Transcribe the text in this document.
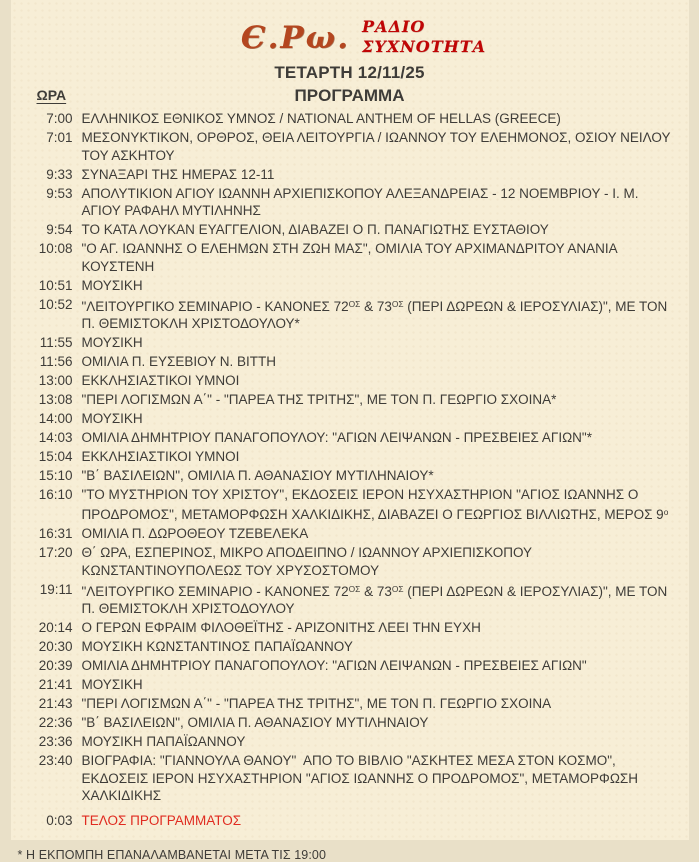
Є.Ρω. ΡΑΔΙΟ
ΣΥΧΝΟΤΗΤΑ
ΤΕΤΑΡΤΗ 12/11/25
ΩΡΑ	ΠΡΟΓΡΑΜΜΑ
7:00 ΕΛΛΗΝΙΚΟΣ ΕΘΝΙΚΟΣ ΥΜΝΟΣ / NATIONAL ANTHEM OF HELLAS (GREECE)
7:01 ΜΕΣΟΝΥΚΤΙΚΟΝ, ΟΡΘΡΟΣ, ΘΕΙΑ ΛΕΙΤΟΥΡΓΙΑ / ΙΩΑΝΝΟΥ ΤΟΥ ΕΛΕΗΜΟΝΟΣ, ΟΣΙΟΥ ΝΕΙΛΟΥ ΤΟΥ ΑΣΚΗΤΟΥ
9:33 ΣΥΝΑΞΑΡΙ ΤΗΣ ΗΜΕΡΑΣ 12-11
9:53 ΑΠΟΛΥΤΙΚΙΟΝ ΑΓΙΟΥ ΙΩΑΝΝΗ ΑΡΧΙΕΠΙΣΚΟΠΟΥ ΑΛΕΞΑΝΔΡΕΙΑΣ - 12 ΝΟΕΜΒΡΙΟΥ - Ι. Μ. ΑΓΙΟΥ ΡΑΦΑΗΛ ΜΥΤΙΛΗΝΗΣ
9:54 ΤΟ ΚΑΤΑ ΛΟΥΚΑΝ ΕΥΑΓΓΕΛΙΟΝ, ΔΙΑΒΑΖΕΙ Ο Π. ΠΑΝΑΓΙΩΤΗΣ ΕΥΣΤΑΘΙΟΥ
10:08 "Ο ΑΓ. ΙΩΑΝΝΗΣ Ο ΕΛΕΗΜΩΝ ΣΤΗ ΖΩΗ ΜΑΣ", ΟΜΙΛΙΑ ΤΟΥ ΑΡΧΙΜΑΝΔΡΙΤΟΥ ΑΝΑΝΙΑ ΚΟΥΣΤΕΝΗ
10:51 ΜΟΥΣΙΚΗ
10:52 "ΛΕΙΤΟΥΡΓΙΚΟ ΣΕΜΙΝΑΡΙΟ - ΚΑΝΟΝΕΣ $72^{O\Sigma}$ & $73^{O\Sigma}$ (ΠΕΡΙ ΔΩΡΕΩΝ & ΙΕΡΟΣΥΛΙΑΣ)", ΜΕ ΤΟΝ Π. ΘΕΜΙΣΤΟΚΛΗ ΧΡΙΣΤΟΔΟΥΛΟΥ*
11:55 ΜΟΥΣΙΚΗ
11:56 ΟΜΙΛΙΑ Π. ΕΥΣΕΒΙΟΥ Ν. ΒΙΤΤΗ
13:00 ΕΚΚΛΗΣΙΑΣΤΙΚΟΙ ΥΜΝΟΙ
13:08 "ΠΕΡΙ ΛΟΓΙΣΜΩΝ Α΄" - "ΠΑΡΕΑ ΤΗΣ ΤΡΙΤΗΣ", ΜΕ ΤΟΝ Π. ΓΕΩΡΓΙΟ ΣΧΟΙΝΑ*
14:00 ΜΟΥΣΙΚΗ
14:03 ΟΜΙΛΙΑ ΔΗΜΗΤΡΙΟΥ ΠΑΝΑΓΟΠΟΥΛΟΥ: "ΑΓΙΩΝ ΛΕΙΨΑΝΩΝ - ΠΡΕΣΒΕΙΕΣ ΑΓΙΩΝ"*
15:04 ΕΚΚΛΗΣΙΑΣΤΙΚΟΙ ΥΜΝΟΙ
15:10 "Β΄ ΒΑΣΙΛΕΙΩΝ", ΟΜΙΛΙΑ Π. ΑΘΑΝΑΣΙΟΥ ΜΥΤΙΛΗΝΑΙΟΥ*
16:10 "ΤΟ ΜΥΣΤΗΡΙΟΝ ΤΟΥ ΧΡΙΣΤΟΥ", ΕΚΔΟΣΕΙΣ ΙΕΡΟΝ ΗΣΥΧΑΣΤΗΡΙΟΝ "ΑΓΙΟΣ ΙΩΑΝΝΗΣ Ο ΠΡΟΔΡΟΜΟΣ", ΜΕΤΑΜΟΡΦΩΣΗ ΧΑΛΚΙΔΙΚΗΣ, ΔΙΑΒΑΖΕΙ Ο ΓΕΩΡΓΙΟΣ ΒΙΛΛΙΩΤΗΣ, ΜΕΡΟΣ $9^o$
16:31 ΟΜΙΛΙΑ Π. ΔΩΡΟΘΕΟΥ ΤΖΕΒΕΛΕΚΑ
17:20 Θ΄ ΩΡΑ, ΕΣΠΕΡΙΝΟΣ, ΜΙΚΡΟ ΑΠΟΔΕΙΠΝΟ / ΙΩΑΝΝΟΥ ΑΡΧΙΕΠΙΣΚΟΠΟΥ ΚΩΝΣΤΑΝΤΙΝΟΥΠΟΛΕΩΣ ΤΟΥ ΧΡΥΣΟΣΤΟΜΟΥ
19:11 "ΛΕΙΤΟΥΡΓΙΚΟ ΣΕΜΙΝΑΡΙΟ - ΚΑΝΟΝΕΣ $72^{O\Sigma}$ & $73^{O\Sigma}$ (ΠΕΡΙ ΔΩΡΕΩΝ & ΙΕΡΟΣΥΛΙΑΣ)", ΜΕ ΤΟΝ Π. ΘΕΜΙΣΤΟΚΛΗ ΧΡΙΣΤΟΔΟΥΛΟΥ
20:14 Ο ΓΕΡΩΝ ΕΦΡΑΙΜ ΦΙΛΟΘΕΪΤΗΣ - ΑΡΙΖΟΝΙΤΗΣ ΛΕΕΙ ΤΗΝ ΕΥΧΗ
20:30 ΜΟΥΣΙΚΗ ΚΩΝΣΤΑΝΤΙΝΟΣ ΠΑΠΑΪΩΑΝΝΟΥ
20:39 ΟΜΙΛΙΑ ΔΗΜΗΤΡΙΟΥ ΠΑΝΑΓΟΠΟΥΛΟΥ: "ΑΓΙΩΝ ΛΕΙΨΑΝΩΝ - ΠΡΕΣΒΕΙΕΣ ΑΓΙΩΝ"
21:41 ΜΟΥΣΙΚΗ
21:43 "ΠΕΡΙ ΛΟΓΙΣΜΩΝ Α΄" - "ΠΑΡΕΑ ΤΗΣ ΤΡΙΤΗΣ", ΜΕ ΤΟΝ Π. ΓΕΩΡΓΙΟ ΣΧΟΙΝΑ
22:36 "Β΄ ΒΑΣΙΛΕΙΩΝ", ΟΜΙΛΙΑ Π. ΑΘΑΝΑΣΙΟΥ ΜΥΤΙΛΗΝΑΙΟΥ
23:36 ΜΟΥΣΙΚΗ ΠΑΠΑΪΩΑΝΝΟΥ
23:40 ΒΙΟΓΡΑΦΙΑ: "ΓΙΑΝΝΟΥΛΑ ΘΑΝΟΥ"  ΑΠΟ ΤΟ ΒΙΒΛΙΟ "ΑΣΚΗΤΕΣ ΜΕΣΑ ΣΤΟΝ ΚΟΣΜΟ", ΕΚΔΟΣΕΙΣ ΙΕΡΟΝ ΗΣΥΧΑΣΤΗΡΙΟΝ "ΑΓΙΟΣ ΙΩΑΝΝΗΣ Ο ΠΡΟΔΡΟΜΟΣ", ΜΕΤΑΜΟΡΦΩΣΗ ΧΑΛΚΙΔΙΚΗΣ
0:03 ΤΕΛΟΣ ΠΡΟΓΡΑΜΜΑΤΟΣ
* Η ΕΚΠΟΜΠΗ ΕΠΑΝΑΛΑΜΒΑΝΕΤΑΙ ΜΕΤΑ ΤΙΣ 19:00
